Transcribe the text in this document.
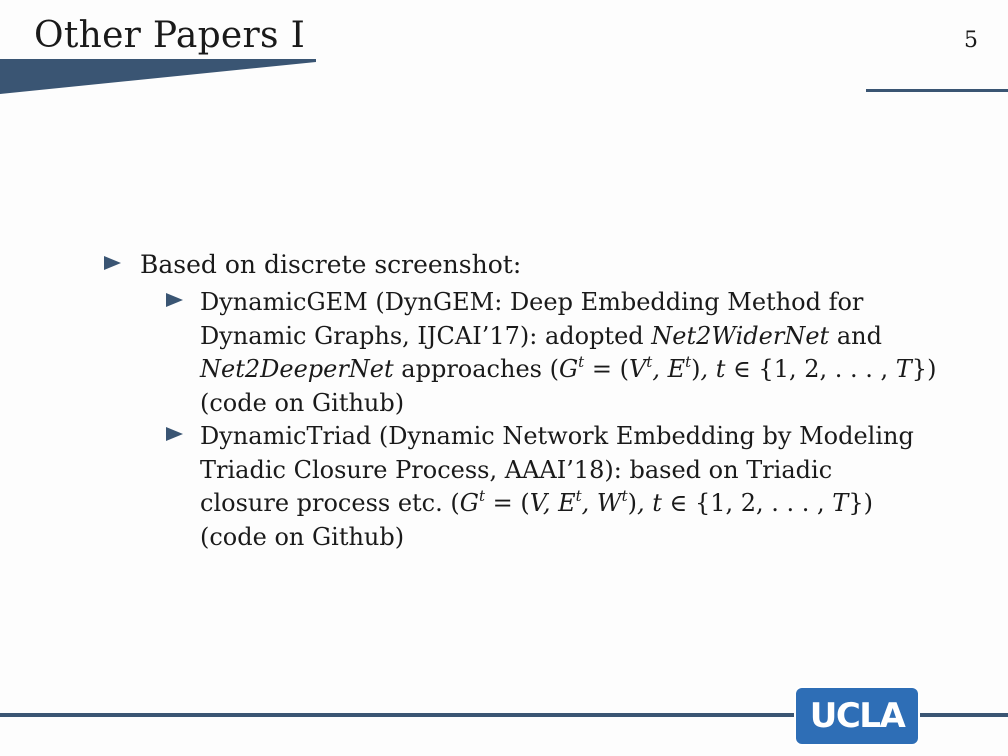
Other Papers I	5
Based on discrete screenshot:
DynamicGEM (DynGEM: Deep Embedding Method for
Dynamic Graphs, IJCAI’17): adopted Net2WiderNet and
Net2DeeperNet approaches ($G^t = (V^t$, $E^t$), t ∈ {1, 2, . . . , T})
(code on Github)
DynamicTriad (Dynamic Network Embedding by Modeling
Triadic Closure Process, AAAI’18): based on Triadic
closure process etc. ($G^t = (V$, $E^t$, $W^t$), t ∈ {1, 2, . . . , T})
(code on Github)
UCLA
